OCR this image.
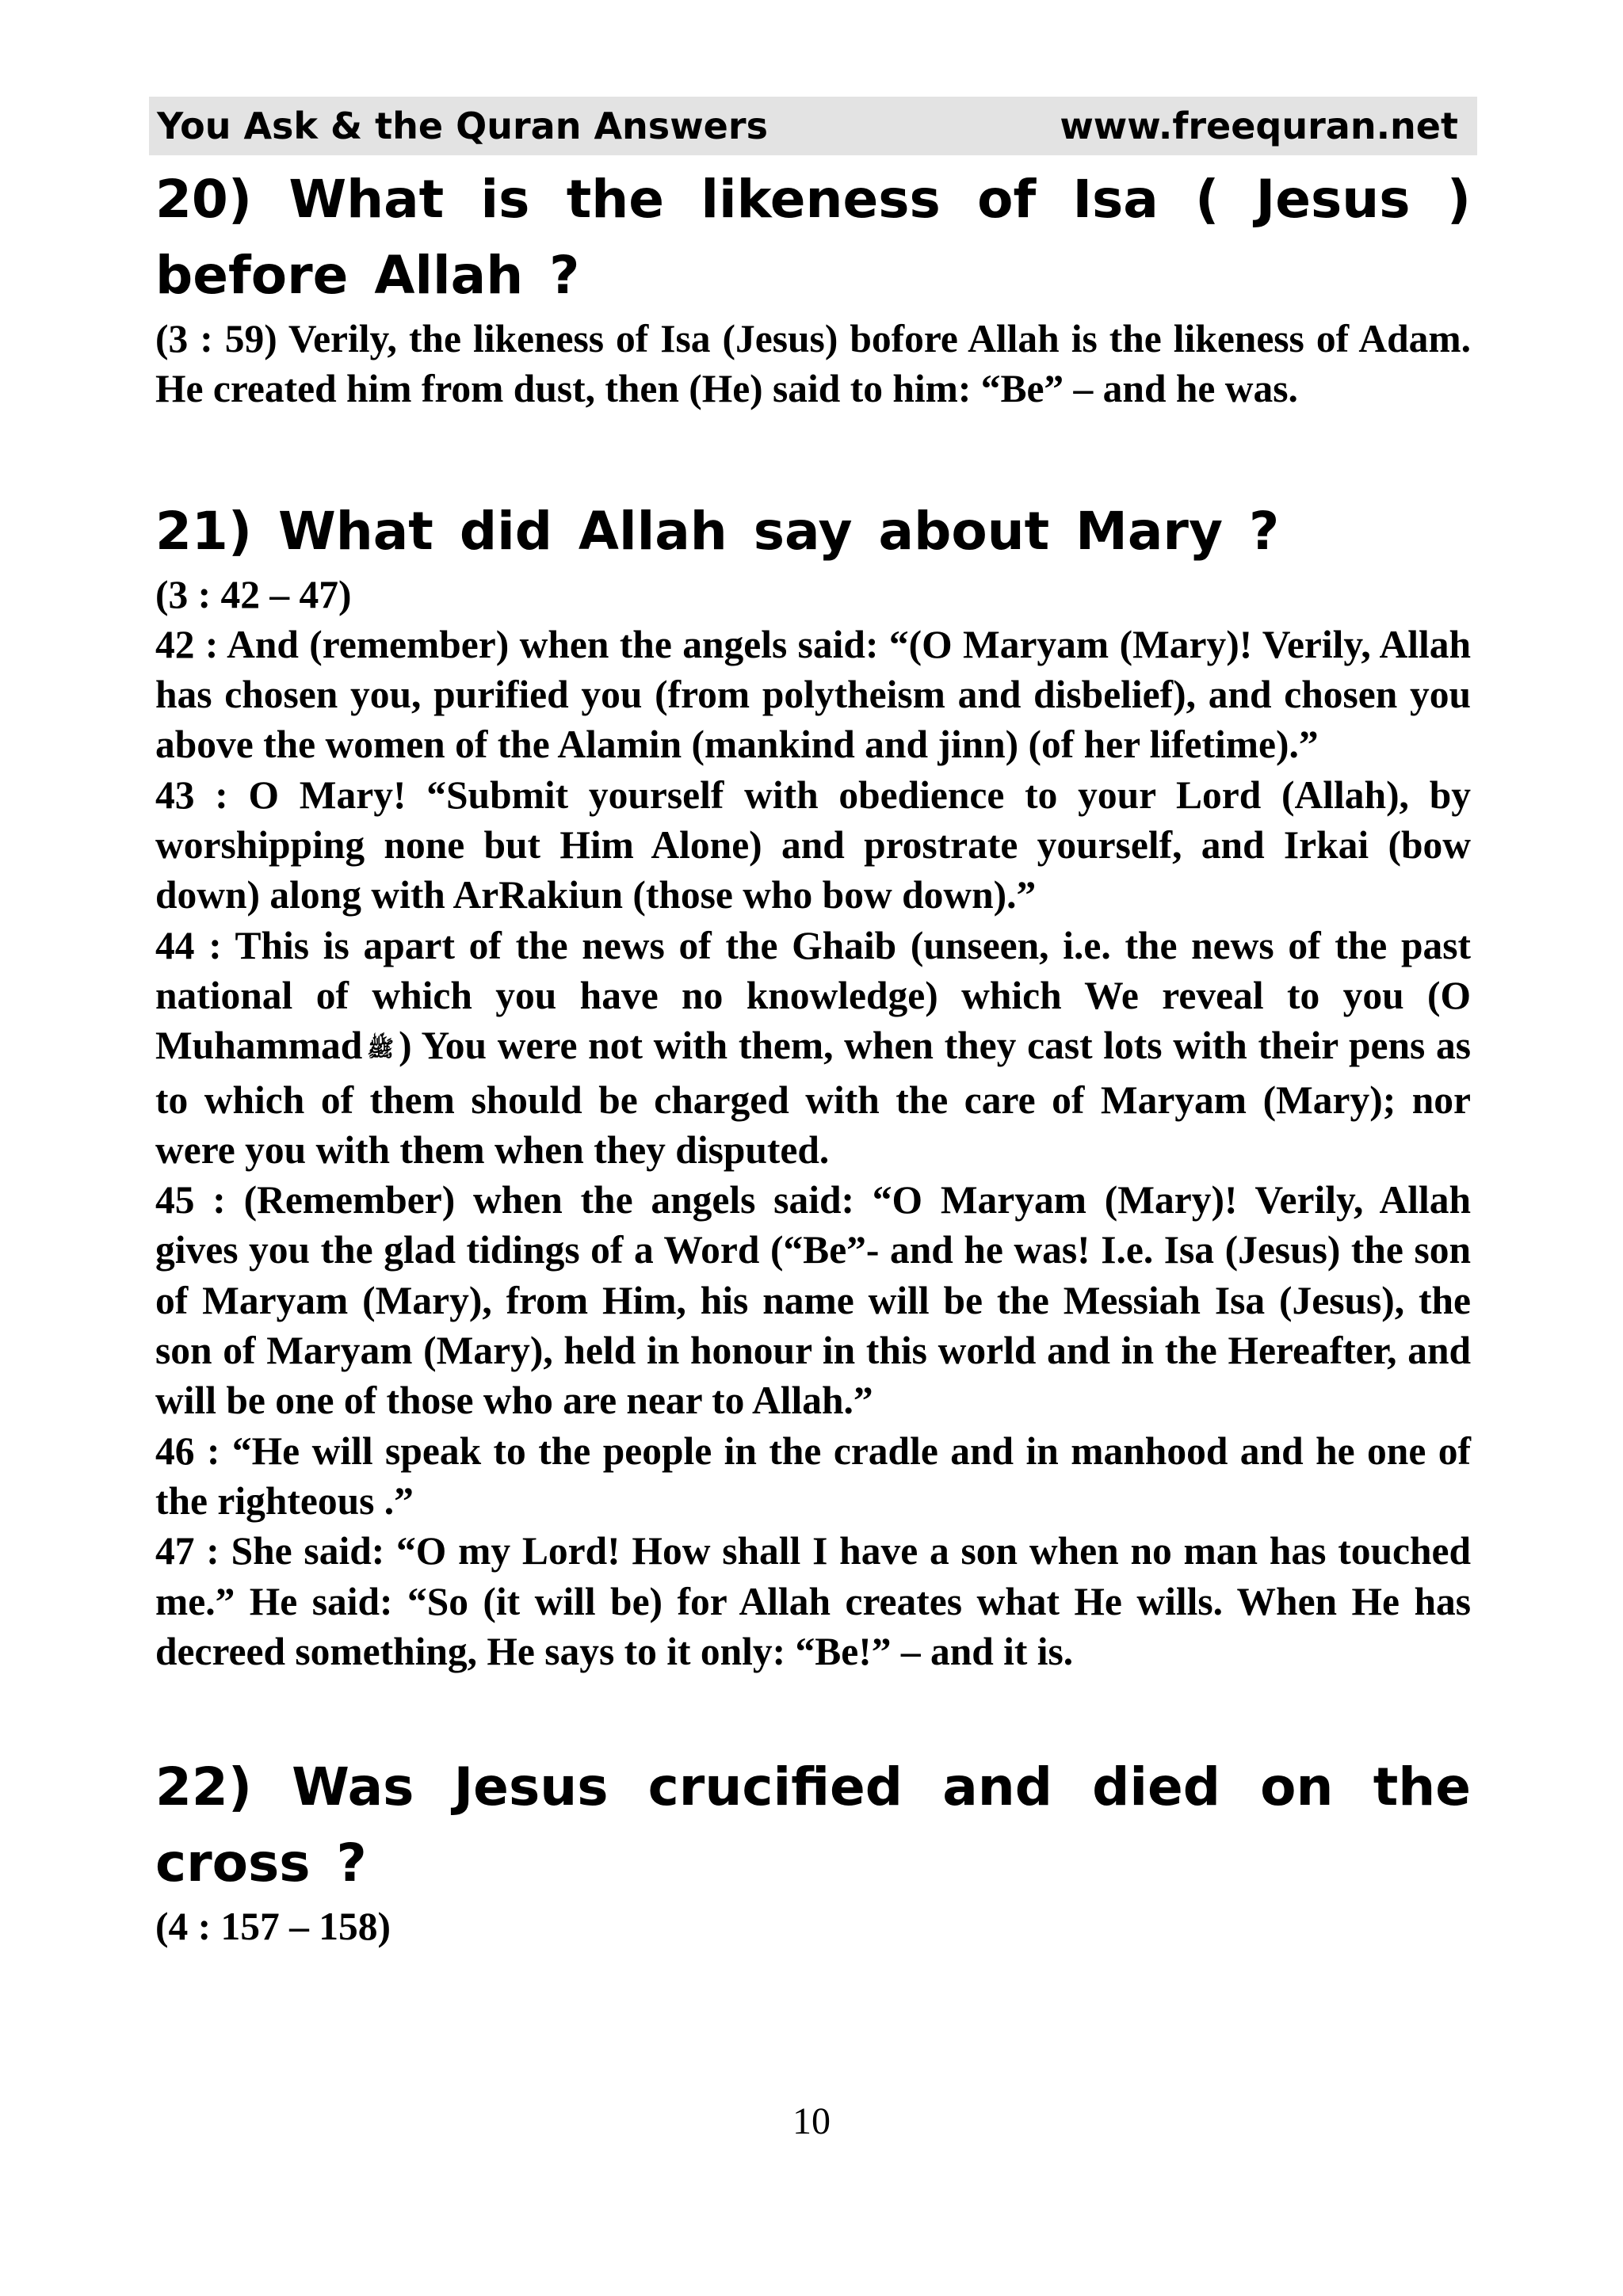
You Ask & the Quran Answers	www.freequran.net
20) What is the likeness of Isa ( Jesus ) before Allah ?

(3 : 59) Verily, the likeness of Isa (Jesus) bofore Allah is the likeness of Adam. He created him from dust, then (He) said to him: “Be” – and he was.

21) What did Allah say about Mary ?

(3 : 42 – 47)

42 : And (remember) when the angels said: “(O Maryam (Mary)! Verily, Allah has chosen you, purified you (from polytheism and disbelief), and chosen you above the women of the Alamin (mankind and jinn) (of her lifetime).”

43 : O Mary! “Submit yourself with obedience to your Lord (Allah), by worshipping none but Him Alone) and prostrate yourself, and Irkai (bow down) along with ArRakiun (those who bow down).”

44 : This is apart of the news of the Ghaib (unseen, i.e. the news of the past national of which you have no knowledge) which We reveal to you (O Muhammad ﷺ ) You were not with them, when they cast lots with their pens as to which of them should be charged with the care of Maryam (Mary); nor were you with them when they disputed.

45 : (Remember) when the angels said: “O Maryam (Mary)! Verily, Allah gives you the glad tidings of a Word (“Be”- and he was! I.e. Isa (Jesus) the son of Maryam (Mary), from Him, his name will be the Messiah Isa (Jesus), the son of Maryam (Mary), held in honour in this world and in the Hereafter, and will be one of those who are near to Allah.”

46 : “He will speak to the people in the cradle and in manhood and he one of the righteous .”

47 : She said: “O my Lord! How shall I have a son when no man has touched me.” He said: “So (it will be) for Allah creates what He wills. When He has decreed something, He says to it only: “Be!” – and it is.

22) Was Jesus crucified and died on the cross ?

(4 : 157 – 158)

10
